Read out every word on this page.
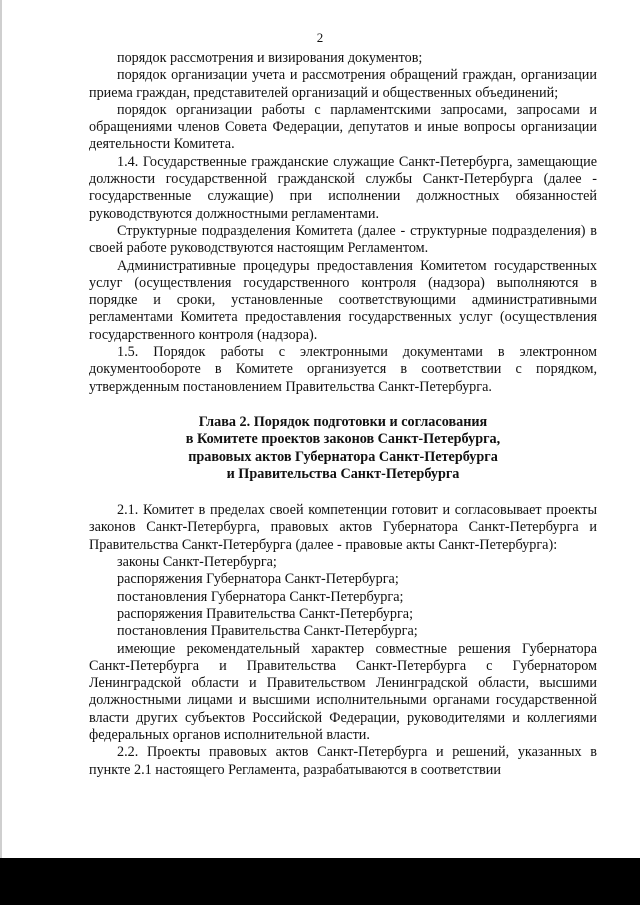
2

порядок рассмотрения и визирования документов;

порядок организации учета и рассмотрения обращений граждан, организации приема граждан, представителей организаций и общественных объединений;

порядок организации работы с парламентскими запросами, запросами и обращениями членов Совета Федерации, депутатов и иные вопросы организации деятельности Комитета.

1.4. Государственные гражданские служащие Санкт-Петербурга, замещающие должности государственной гражданской службы Санкт-Петербурга (далее - государственные служащие) при исполнении должностных обязанностей руководствуются должностными регламентами.

Структурные подразделения Комитета (далее - структурные подразделения) в своей работе руководствуются настоящим Регламентом.

Административные процедуры предоставления Комитетом государственных услуг (осуществления государственного контроля (надзора) выполняются в порядке и сроки, установленные соответствующими административными регламентами Комитета предоставления государственных услуг (осуществления государственного контроля (надзора).

1.5. Порядок работы с электронными документами в электронном документообороте в Комитете организуется в соответствии с порядком, утвержденным постановлением Правительства Санкт-Петербурга.

Глава 2. Порядок подготовки и согласования
в Комитете проектов законов Санкт-Петербурга,
правовых актов Губернатора Санкт-Петербурга
и Правительства Санкт-Петербурга

2.1. Комитет в пределах своей компетенции готовит и согласовывает проекты законов Санкт-Петербурга, правовых актов Губернатора Санкт-Петербурга и Правительства Санкт-Петербурга (далее - правовые акты Санкт-Петербурга):

законы Санкт-Петербурга;

распоряжения Губернатора Санкт-Петербурга;

постановления Губернатора Санкт-Петербурга;

распоряжения Правительства Санкт-Петербурга;

постановления Правительства Санкт-Петербурга;

имеющие рекомендательный характер совместные решения Губернатора Санкт-Петербурга и Правительства Санкт-Петербурга с Губернатором Ленинградской области и Правительством Ленинградской области, высшими должностными лицами и высшими исполнительными органами государственной власти других субъектов Российской Федерации, руководителями и коллегиями федеральных органов исполнительной власти.

2.2. Проекты правовых актов Санкт-Петербурга и решений, указанных в пункте 2.1 настоящего Регламента, разрабатываются в соответствии
